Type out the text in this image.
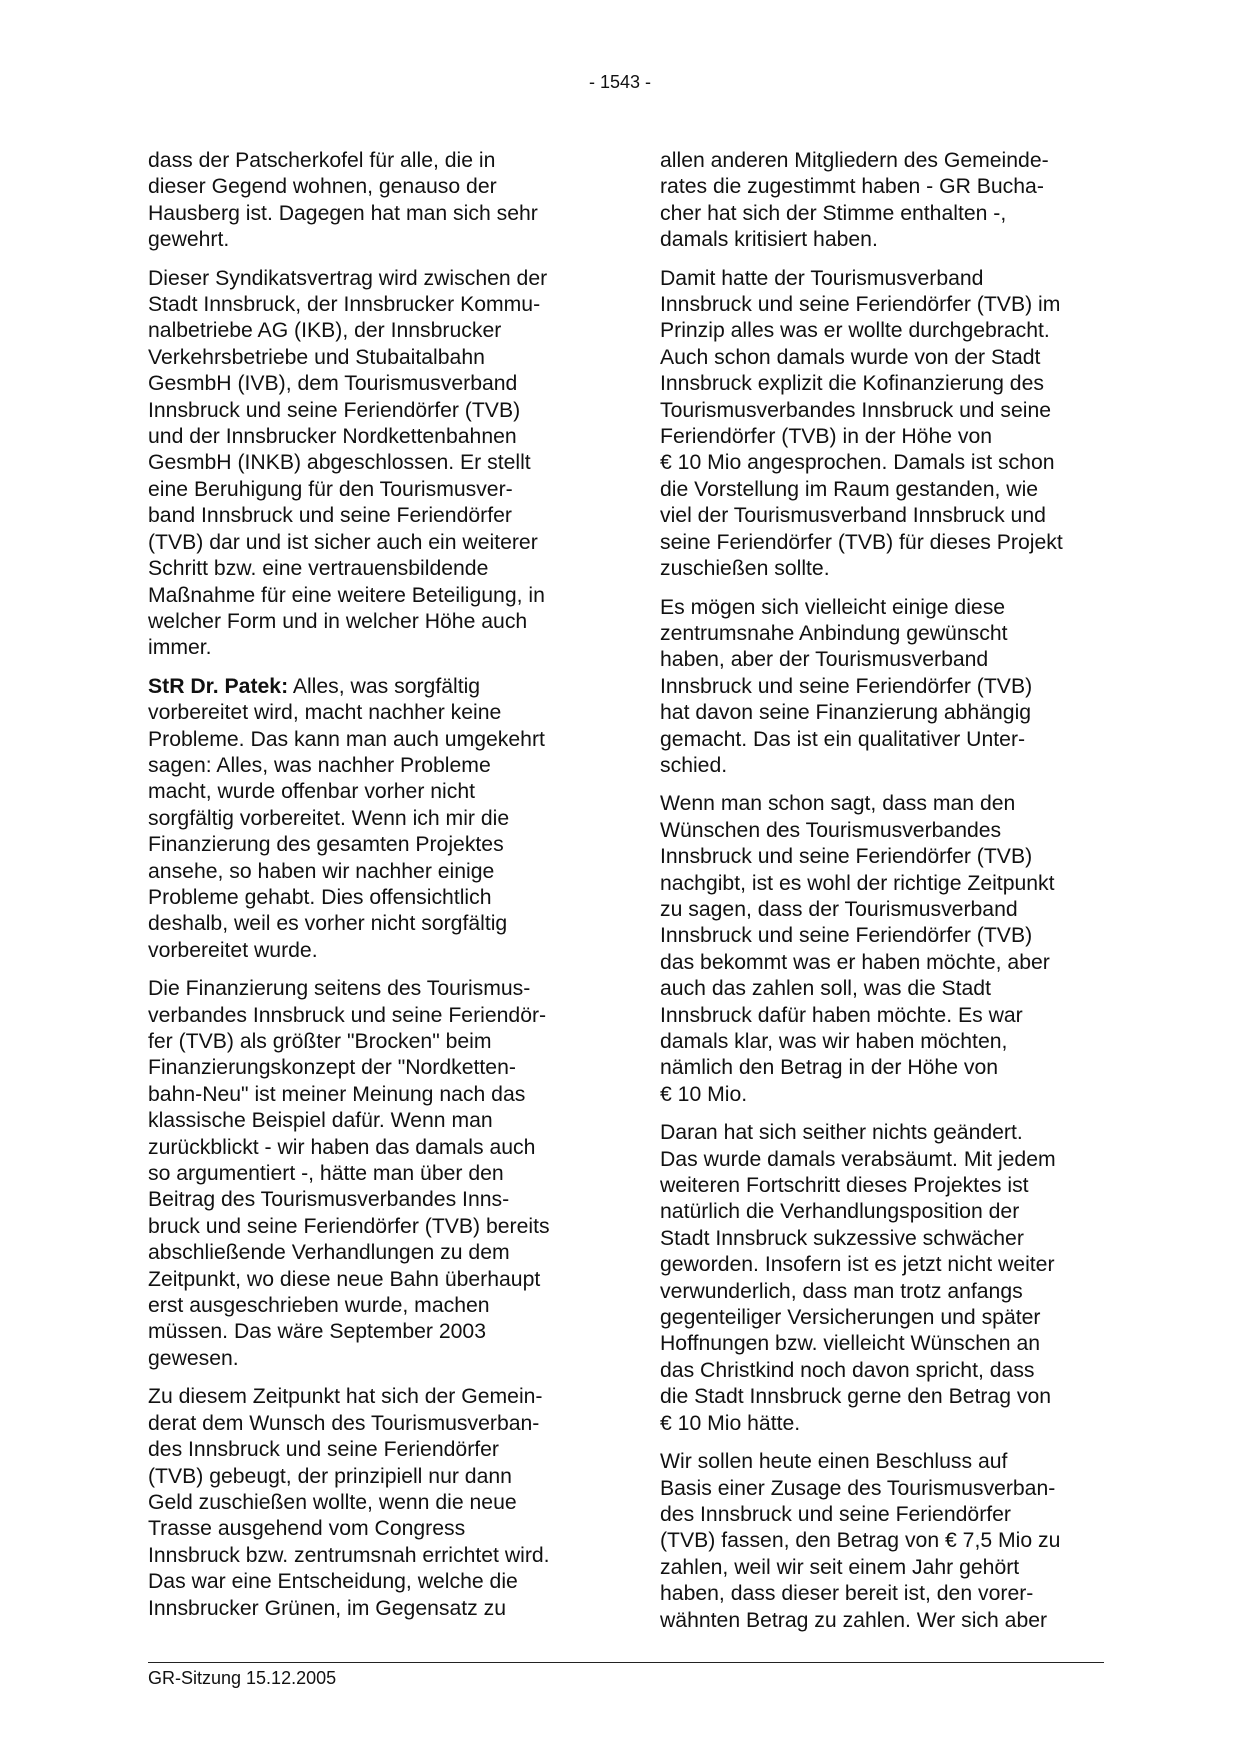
- 1543 -

dass der Patscherkofel für alle, die in
dieser Gegend wohnen, genauso der
Hausberg ist. Dagegen hat man sich sehr
gewehrt.

Dieser Syndikatsvertrag wird zwischen der
Stadt Innsbruck, der Innsbrucker Kommu-
nalbetriebe AG (IKB), der Innsbrucker
Verkehrsbetriebe und Stubaitalbahn
GesmbH (IVB), dem Tourismusverband
Innsbruck und seine Feriendörfer (TVB)
und der Innsbrucker Nordkettenbahnen
GesmbH (INKB) abgeschlossen. Er stellt
eine Beruhigung für den Tourismusver-
band Innsbruck und seine Feriendörfer
(TVB) dar und ist sicher auch ein weiterer
Schritt bzw. eine vertrauensbildende
Maßnahme für eine weitere Beteiligung, in
welcher Form und in welcher Höhe auch
immer.

StR Dr. Patek: Alles, was sorgfältig
vorbereitet wird, macht nachher keine
Probleme. Das kann man auch umgekehrt
sagen: Alles, was nachher Probleme
macht, wurde offenbar vorher nicht
sorgfältig vorbereitet. Wenn ich mir die
Finanzierung des gesamten Projektes
ansehe, so haben wir nachher einige
Probleme gehabt. Dies offensichtlich
deshalb, weil es vorher nicht sorgfältig
vorbereitet wurde.

Die Finanzierung seitens des Tourismus-
verbandes Innsbruck und seine Feriendör-
fer (TVB) als größter "Brocken" beim
Finanzierungskonzept der "Nordketten-
bahn-Neu" ist meiner Meinung nach das
klassische Beispiel dafür. Wenn man
zurückblickt - wir haben das damals auch
so argumentiert -, hätte man über den
Beitrag des Tourismusverbandes Inns-
bruck und seine Feriendörfer (TVB) bereits
abschließende Verhandlungen zu dem
Zeitpunkt, wo diese neue Bahn überhaupt
erst ausgeschrieben wurde, machen
müssen. Das wäre September 2003
gewesen.

Zu diesem Zeitpunkt hat sich der Gemein-
derat dem Wunsch des Tourismusverban-
des Innsbruck und seine Feriendörfer
(TVB) gebeugt, der prinzipiell nur dann
Geld zuschießen wollte, wenn die neue
Trasse ausgehend vom Congress
Innsbruck bzw. zentrumsnah errichtet wird.
Das war eine Entscheidung, welche die
Innsbrucker Grünen, im Gegensatz zu

allen anderen Mitgliedern des Gemeinde-
rates die zugestimmt haben - GR Bucha-
cher hat sich der Stimme enthalten -,
damals kritisiert haben.

Damit hatte der Tourismusverband
Innsbruck und seine Feriendörfer (TVB) im
Prinzip alles was er wollte durchgebracht.
Auch schon damals wurde von der Stadt
Innsbruck explizit die Kofinanzierung des
Tourismusverbandes Innsbruck und seine
Feriendörfer (TVB) in der Höhe von
€ 10 Mio angesprochen. Damals ist schon
die Vorstellung im Raum gestanden, wie
viel der Tourismusverband Innsbruck und
seine Feriendörfer (TVB) für dieses Projekt
zuschießen sollte.

Es mögen sich vielleicht einige diese
zentrumsnahe Anbindung gewünscht
haben, aber der Tourismusverband
Innsbruck und seine Feriendörfer (TVB)
hat davon seine Finanzierung abhängig
gemacht. Das ist ein qualitativer Unter-
schied.

Wenn man schon sagt, dass man den
Wünschen des Tourismusverbandes
Innsbruck und seine Feriendörfer (TVB)
nachgibt, ist es wohl der richtige Zeitpunkt
zu sagen, dass der Tourismusverband
Innsbruck und seine Feriendörfer (TVB)
das bekommt was er haben möchte, aber
auch das zahlen soll, was die Stadt
Innsbruck dafür haben möchte. Es war
damals klar, was wir haben möchten,
nämlich den Betrag in der Höhe von
€ 10 Mio.

Daran hat sich seither nichts geändert.
Das wurde damals verabsäumt. Mit jedem
weiteren Fortschritt dieses Projektes ist
natürlich die Verhandlungsposition der
Stadt Innsbruck sukzessive schwächer
geworden. Insofern ist es jetzt nicht weiter
verwunderlich, dass man trotz anfangs
gegenteiliger Versicherungen und später
Hoffnungen bzw. vielleicht Wünschen an
das Christkind noch davon spricht, dass
die Stadt Innsbruck gerne den Betrag von
€ 10 Mio hätte.

Wir sollen heute einen Beschluss auf
Basis einer Zusage des Tourismusverban-
des Innsbruck und seine Feriendörfer
(TVB) fassen, den Betrag von € 7,5 Mio zu
zahlen, weil wir seit einem Jahr gehört
haben, dass dieser bereit ist, den vorer-
wähnten Betrag zu zahlen. Wer sich aber

GR-Sitzung 15.12.2005
